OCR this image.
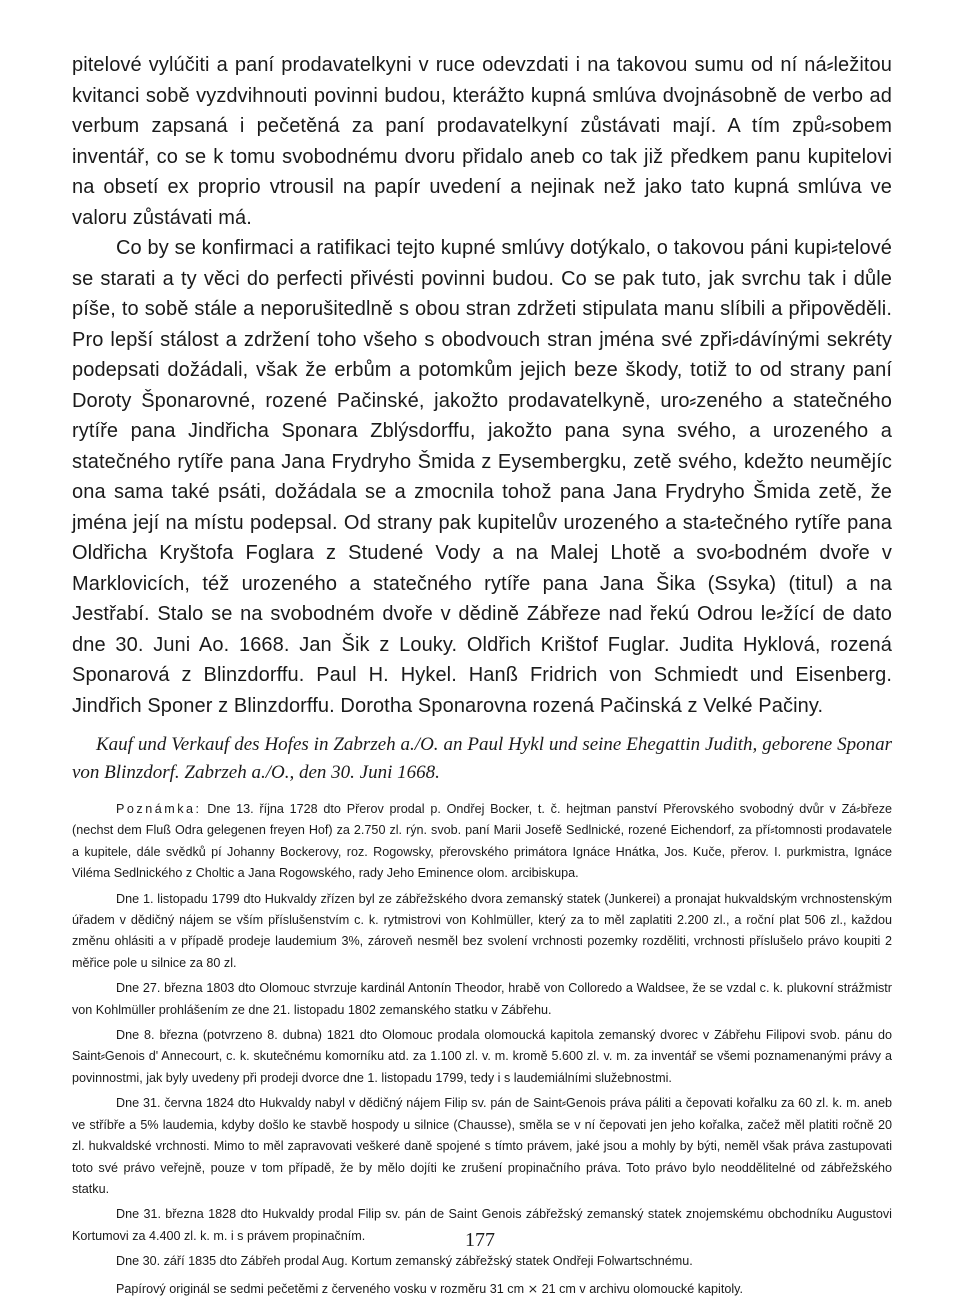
pitelové vylúčiti a paní prodavatelkyni v ruce odevzdati i na takovou sumu od ní ná⸗ležitou kvitanci sobě vyzdvihnouti povinni budou, kterážto kupná smlúva dvojnásobně de verbo ad verbum zapsaná i pečetěná za paní prodavatelkyní zůstávati mají. A tím způ⸗sobem inventář, co se k tomu svobodnému dvoru přidalo aneb co tak již předkem panu kupitelovi na obsetí ex proprio vtrousil na papír uvedení a nejinak než jako tato kupná smlúva ve valoru zůstávati má.

Co by se konfirmaci a ratifikaci tejto kupné smlúvy dotýkalo, o takovou páni kupi⸗telové se starati a ty věci do perfecti přivésti povinni budou. Co se pak tuto, jak svrchu tak i důle píše, to sobě stále a neporušitedlně s obou stran zdržeti stipulata manu slíbili a připověděli. Pro lepší stálost a zdržení toho všeho s obodvouch stran jména své zpři⸗dávínými sekréty podepsati dožádali, však že erbům a potomkům jejich beze škody, totiž to od strany paní Doroty Šponarovné, rozené Pačinské, jakožto prodavatelkyně, uro⸗zeného a statečného rytíře pana Jindřicha Sponara Zblýsdorffu, jakožto pana syna svého, a urozeného a statečného rytíře pana Jana Frydryho Šmida z Eysembergku, zetě svého, kdežto neumějíc ona sama také psáti, dožádala se a zmocnila tohož pana Jana Frydryho Šmida zetě, že jména její na místu podepsal. Od strany pak kupitelův urozeného a sta⸗tečného rytíře pana Oldřicha Kryštofa Foglara z Studené Vody a na Malej Lhotě a svo⸗bodném dvoře v Marklovicích, též urozeného a statečného rytíře pana Jana Šika (Ssyka) (titul) a na Jestřabí. Stalo se na svobodném dvoře v dědině Zábřeze nad řekú Odrou le⸗žící de dato dne 30. Juni Ao. 1668. Jan Šik z Louky. Oldřich Krištof Fuglar. Judita Hyklová, rozená Sponarová z Blinzdorffu. Paul H. Hykel. Hanß Fridrich von Schmiedt und Eisenberg. Jindřich Sponer z Blinzdorffu. Dorotha Sponarovna rozená Pačinská z Velké Pačiny.

Kauf und Verkauf des Hofes in Zabrzeh a./O. an Paul Hykl und seine Ehegattin Judith, geborene Sponar von Blinzdorf. Zabrzeh a./O., den 30. Juni 1668.

Poznámka: Dne 13. října 1728 dto Přerov prodal p. Ondřej Bocker, t. č. hejtman panství Přerovského svobodný dvůr v Zá⸗březe (nechst dem Fluß Odra gelegenen freyen Hof) za 2.750 zl. rýn. svob. paní Marii Josefě Sedlnické, rozené Eichendorf, za pří⸗tomnosti prodavatele a kupitele, dále svědků pí Johanny Bockerovy, roz. Rogowsky, přerovského primátora Ignáce Hnátka, Jos. Kuče, přerov. I. purkmistra, Ignáce Viléma Sedlnického z Choltic a Jana Rogowského, rady Jeho Eminence olom. arcibiskupa.

Dne 1. listopadu 1799 dto Hukvaldy zřízen byl ze zábřežského dvora zemanský statek (Junkerei) a pronajat hukvaldským vrchnostenským úřadem v dědičný nájem se vším příslušenstvím c. k. rytmistrovi von Kohlmüller, který za to měl zaplatiti 2.200 zl., a roční plat 506 zl., každou změnu ohlásiti a v případě prodeje laudemium 3%, zároveň nesměl bez svolení vrchnosti pozemky rozděliti, vrchnosti příslušelo právo koupiti 2 měřice pole u silnice za 80 zl.

Dne 27. března 1803 dto Olomouc stvrzuje kardinál Antonín Theodor, hrabě von Colloredo a Waldsee, že se vzdal c. k. plukovní strážmistr von Kohlmüller prohlášením ze dne 21. listopadu 1802 zemanského statku v Zábřehu.

Dne 8. března (potvrzeno 8. dubna) 1821 dto Olomouc prodala olomoucká kapitola zemanský dvorec v Zábřehu Filipovi svob. pánu do Saint⸗Genois d' Annecourt, c. k. skutečnému komorníku atd. za 1.100 zl. v. m. kromě 5.600 zl. v. m. za inventář se všemi poznamenanými právy a povinnostmi, jak byly uvedeny při prodeji dvorce dne 1. listopadu 1799, tedy i s laudemiálními služebnostmi.

Dne 31. června 1824 dto Hukvaldy nabyl v dědičný nájem Filip sv. pán de Saint⸗Genois práva páliti a čepovati kořalku za 60 zl. k. m. aneb ve stříbře a 5% laudemia, kdyby došlo ke stavbě hospody u silnice (Chausse), směla se v ní čepovati jen jeho kořalka, začež měl platiti ročně 20 zl. hukvaldské vrchnosti. Mimo to měl zapravovati veškeré daně spojené s tímto právem, jaké jsou a mohly by býti, neměl však práva zastupovati toto své právo veřejně, pouze v tom případě, že by mělo dojíti ke zrušení propinačního práva. Toto právo bylo neoddělitelné od zábřežského statku.

Dne 31. března 1828 dto Hukvaldy prodal Filip sv. pán de Saint Genois zábřežský zemanský statek znojemskému obchodníku Augustovi Kortumovi za 4.400 zl. k. m. i s právem propinačním.

Dne 30. září 1835 dto Zábřeh prodal Aug. Kortum zemanský zábřežský statek Ondřeji Folwartschnému.

Papírový originál se sedmi pečetěmi z červeného vosku v rozměru 31 cm ⨯ 21 cm v archivu olomoucké kapitoly.

177
